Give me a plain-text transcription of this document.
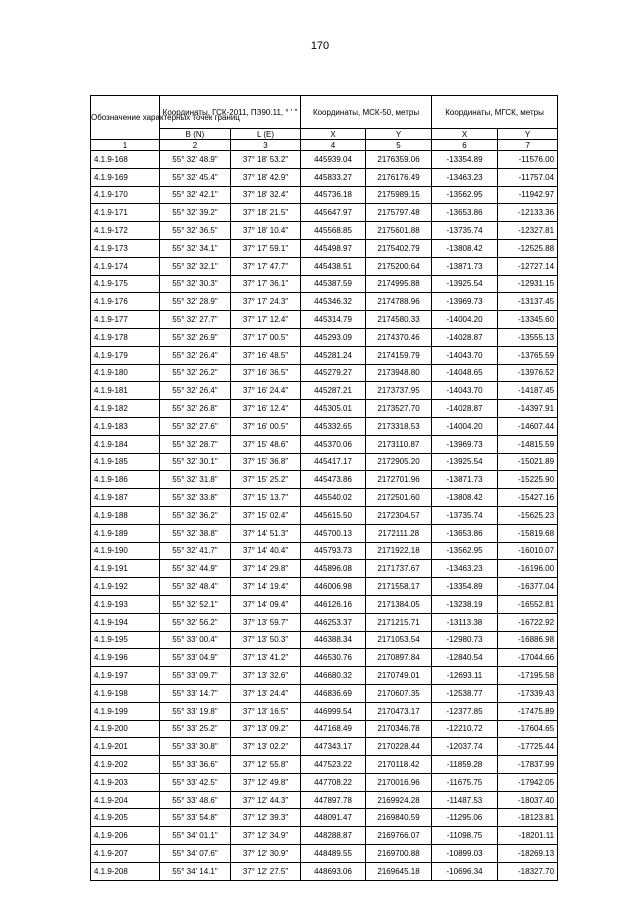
170
Обозначение характерных точек границ	Координаты, ГСК-2011, ПЗ90.11, ° ' "		Координаты, МСК-50, метры		Координаты, МГСК, метры	
	B (N)	L (E)	X	Y	X	Y
1	2	3	4	5	6	7
4.1.9-168	55° 32' 48.9"	37° 18' 53.2"	445939.04	2176359.06	-13354.89	-11576.00
4.1.9-169	55° 32' 45.4"	37° 18' 42.9"	445833.27	2176176.49	-13463.23	-11757.04
4.1.9-170	55° 32' 42.1"	37° 18' 32.4"	445736.18	2175989.15	-13562.95	-11942.97
4.1.9-171	55° 32' 39.2"	37° 18' 21.5"	445647.97	2175797.48	-13653.86	-12133.36
4.1.9-172	55° 32' 36.5"	37° 18' 10.4"	445568.85	2175601.88	-13735.74	-12327.81
4.1.9-173	55° 32' 34.1"	37° 17' 59.1"	445498.97	2175402.79	-13808.42	-12525.88
4.1.9-174	55° 32' 32.1"	37° 17' 47.7"	445438.51	2175200.64	-13871.73	-12727.14
4.1.9-175	55° 32' 30.3"	37° 17' 36.1"	445387.59	2174995.88	-13925.54	-12931.15
4.1.9-176	55° 32' 28.9"	37° 17' 24.3"	445346.32	2174788.96	-13969.73	-13137.45
4.1.9-177	55° 32' 27.7"	37° 17' 12.4"	445314.79	2174580.33	-14004.20	-13345.60
4.1.9-178	55° 32' 26.9"	37° 17' 00.5"	445293.09	2174370.46	-14028.87	-13555.13
4.1.9-179	55° 32' 26.4"	37° 16' 48.5"	445281.24	2174159.79	-14043.70	-13765.59
4.1.9-180	55° 32' 26.2"	37° 16' 36.5"	445279.27	2173948.80	-14048.65	-13976.52
4.1.9-181	55° 32' 26.4"	37° 16' 24.4"	445287.21	2173737.95	-14043.70	-14187.45
4.1.9-182	55° 32' 26.8"	37° 16' 12.4"	445305.01	2173527.70	-14028.87	-14397.91
4.1.9-183	55° 32' 27.6"	37° 16' 00.5"	445332.65	2173318.53	-14004.20	-14607.44
4.1.9-184	55° 32' 28.7"	37° 15' 48.6"	445370.06	2173110.87	-13969.73	-14815.59
4.1.9-185	55° 32' 30.1"	37° 15' 36.8"	445417.17	2172905.20	-13925.54	-15021.89
4.1.9-186	55° 32' 31.8"	37° 15' 25.2"	445473.86	2172701.96	-13871.73	-15225.90
4.1.9-187	55° 32' 33.8"	37° 15' 13.7"	445540.02	2172501.60	-13808.42	-15427.16
4.1.9-188	55° 32' 36.2"	37° 15' 02.4"	445615.50	2172304.57	-13735.74	-15625.23
4.1.9-189	55° 32' 38.8"	37° 14' 51.3"	445700.13	2172111.28	-13653.86	-15819.68
4.1.9-190	55° 32' 41.7"	37° 14' 40.4"	445793.73	2171922.18	-13562.95	-16010.07
4.1.9-191	55° 32' 44.9"	37° 14' 29.8"	445896.08	2171737.67	-13463.23	-16196.00
4.1.9-192	55° 32' 48.4"	37° 14' 19.4"	446006.98	2171558.17	-13354.89	-16377.04
4.1.9-193	55° 32' 52.1"	37° 14' 09.4"	446126.16	2171384.05	-13238.19	-16552.81
4.1.9-194	55° 32' 56.2"	37° 13' 59.7"	446253.37	2171215.71	-13113.38	-16722.92
4.1.9-195	55° 33' 00.4"	37° 13' 50.3"	446388.34	2171053.54	-12980.73	-16886.98
4.1.9-196	55° 33' 04.9"	37° 13' 41.2"	446530.76	2170897.84	-12840.54	-17044.66
4.1.9-197	55° 33' 09.7"	37° 13' 32.6"	446680.32	2170749.01	-12693.11	-17195.58
4.1.9-198	55° 33' 14.7"	37° 13' 24.4"	446836.69	2170607.35	-12538.77	-17339.43
4.1.9-199	55° 33' 19.8"	37° 13' 16.5"	446999.54	2170473.17	-12377.85	-17475.89
4.1.9-200	55° 33' 25.2"	37° 13' 09.2"	447168.49	2170346.78	-12210.72	-17604.65
4.1.9-201	55° 33' 30.8"	37° 13' 02.2"	447343.17	2170228.44	-12037.74	-17725.44
4.1.9-202	55° 33' 36.6"	37° 12' 55.8"	447523.22	2170118.42	-11859.28	-17837.99
4.1.9-203	55° 33' 42.5"	37° 12' 49.8"	447708.22	2170016.96	-11675.75	-17942.05
4.1.9-204	55° 33' 48.6"	37° 12' 44.3"	447897.78	2169924.28	-11487.53	-18037.40
4.1.9-205	55° 33' 54.8"	37° 12' 39.3"	448091.47	2169840.59	-11295.06	-18123.81
4.1.9-206	55° 34' 01.1"	37° 12' 34.9"	448288.87	2169766.07	-11098.75	-18201.11
4.1.9-207	55° 34' 07.6"	37° 12' 30.9"	448489.55	2169700.88	-10899.03	-18269.13
4.1.9-208	55° 34' 14.1"	37° 12' 27.5"	448693.06	2169645.18	-10696.34	-18327.70
